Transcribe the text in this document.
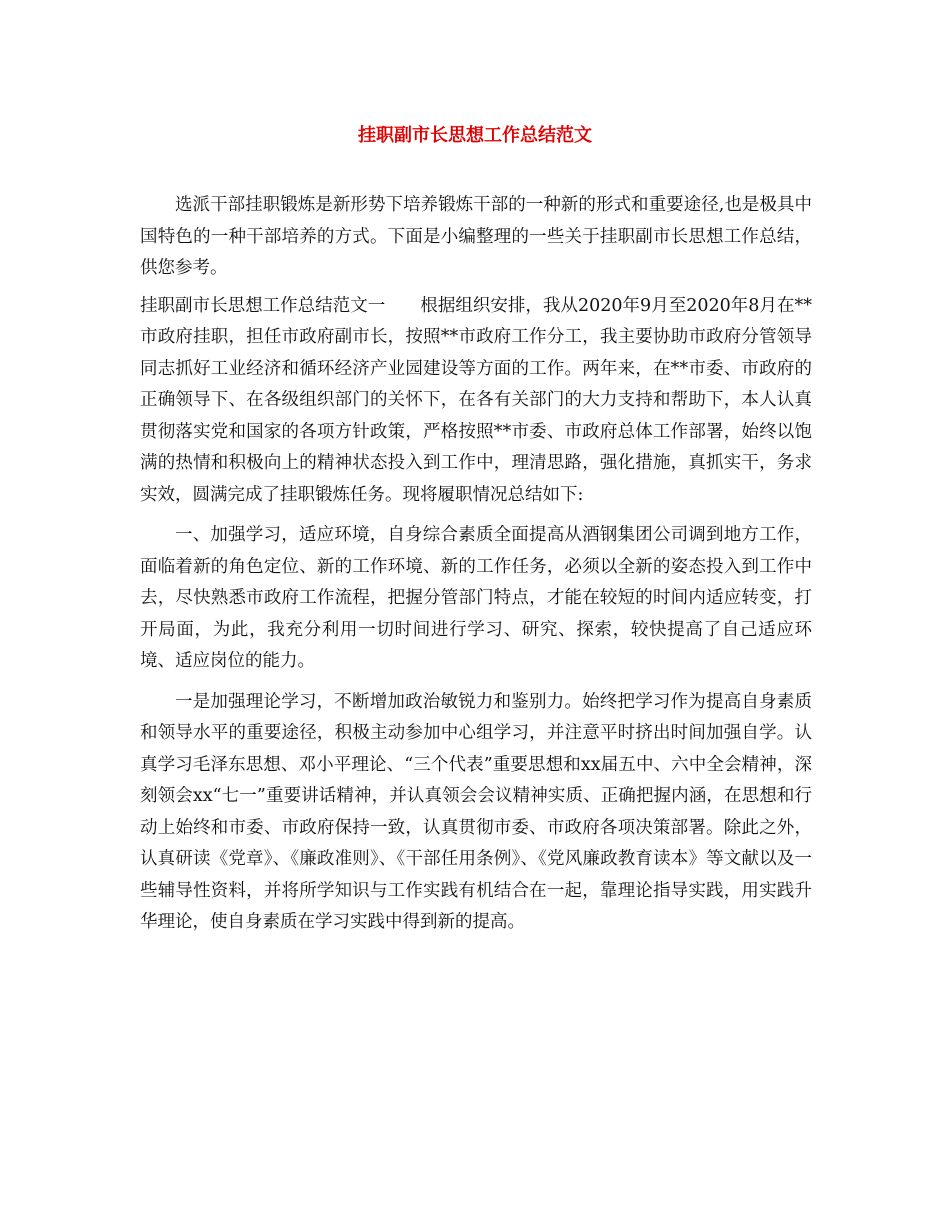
挂职副市长思想工作总结范文

选派干部挂职锻炼是新形势下培养锻炼干部的一种新的形式和重要途径,也是极具中国特色的一种干部培养的方式。下面是小编整理的一些关于挂职副市长思想工作总结，供您参考。

挂职副市长思想工作总结范文一　　根据组织安排，我从2020年9月至2020年8月在**市政府挂职，担任市政府副市长，按照**市政府工作分工，我主要协助市政府分管领导同志抓好工业经济和循环经济产业园建设等方面的工作。两年来，在**市委、市政府的正确领导下、在各级组织部门的关怀下，在各有关部门的大力支持和帮助下，本人认真贯彻落实党和国家的各项方针政策，严格按照**市委、市政府总体工作部署，始终以饱满的热情和积极向上的精神状态投入到工作中，理清思路，强化措施，真抓实干，务求实效，圆满完成了挂职锻炼任务。现将履职情况总结如下:

一、加强学习，适应环境，自身综合素质全面提高从酒钢集团公司调到地方工作，面临着新的角色定位、新的工作环境、新的工作任务，必须以全新的姿态投入到工作中去，尽快熟悉市政府工作流程，把握分管部门特点，才能在较短的时间内适应转变，打开局面，为此，我充分利用一切时间进行学习、研究、探索，较快提高了自己适应环境、适应岗位的能力。

一是加强理论学习，不断增加政治敏锐力和鉴别力。始终把学习作为提高自身素质和领导水平的重要途径，积极主动参加中心组学习，并注意平时挤出时间加强自学。认真学习毛泽东思想、邓小平理论、“三个代表”重要思想和xx届五中、六中全会精神，深刻领会xx“七一”重要讲话精神，并认真领会会议精神实质、正确把握内涵，在思想和行动上始终和市委、市政府保持一致，认真贯彻市委、市政府各项决策部署。除此之外，认真研读《党章》、《廉政准则》、《干部任用条例》、《党风廉政教育读本》等文献以及一些辅导性资料，并将所学知识与工作实践有机结合在一起，靠理论指导实践，用实践升华理论，使自身素质在学习实践中得到新的提高。
